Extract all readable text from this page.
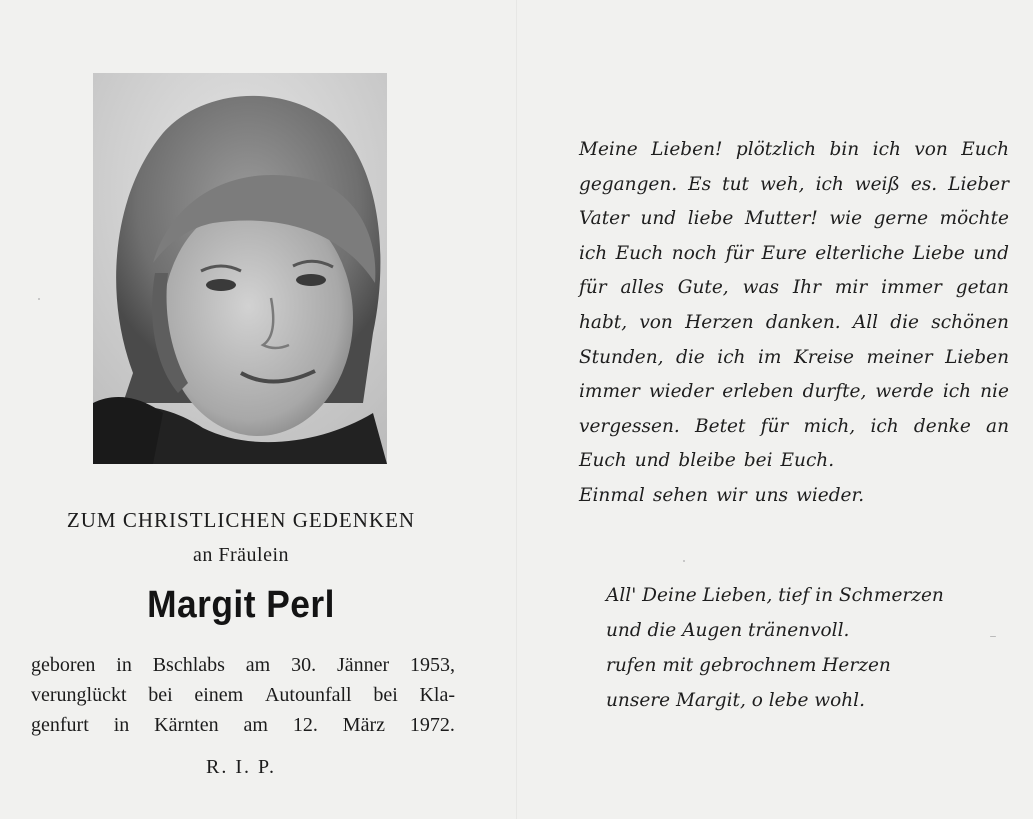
ZUM CHRISTLICHEN GEDENKEN
an Fräulein
Margit Perl
geboren in Bschlabs am 30. Jänner 1953,
verunglückt bei einem Autounfall bei Kla-
genfurt in Kärnten am 12. März 1972.
R. I. P.
Meine Lieben! plötzlich bin ich von Euch
gegangen. Es tut weh, ich weiß es. Lieber
Vater und liebe Mutter! wie gerne möchte
ich Euch noch für Eure elterliche Liebe und
für alles Gute, was Ihr mir immer getan
habt, von Herzen danken. All die schönen
Stunden, die ich im Kreise meiner Lieben
immer wieder erleben durfte, werde ich nie
vergessen. Betet für mich, ich denke an
Euch und bleibe bei Euch.
Einmal sehen wir uns wieder.
All' Deine Lieben, tief in Schmerzen
und die Augen tränenvoll.
rufen mit gebrochnem Herzen
unsere Margit, o lebe wohl.
